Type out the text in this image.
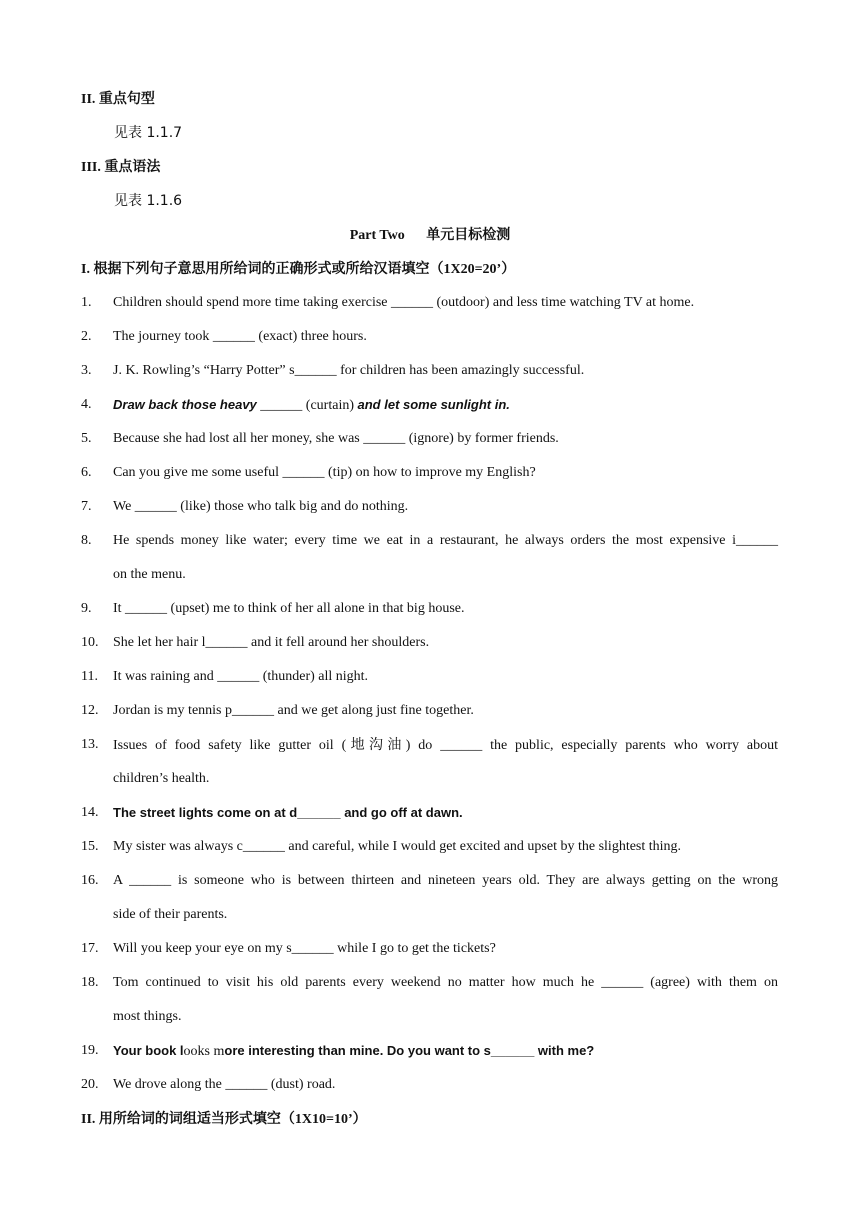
II. 重点句型
见表 1.1.7
III. 重点语法
见表 1.1.6
Part Two 单元目标检测
I. 根据下列句子意思用所给词的正确形式或所给汉语填空（1X20=20’）
1. Children should spend more time taking exercise ______ (outdoor) and less time watching TV at home.
2. The journey took ______ (exact) three hours.
3. J. K. Rowling’s “Harry Potter” s______ for children has been amazingly successful.
4. Draw back those heavy ______ (curtain) and let some sunlight in.
5. Because she had lost all her money, she was ______ (ignore) by former friends.
6. Can you give me some useful ______ (tip) on how to improve my English?
7. We ______ (like) those who talk big and do nothing.
8. He spends money like water; every time we eat in a restaurant, he always orders the most expensive i______
on the menu.
9. It ______ (upset) me to think of her all alone in that big house.
10. She let her hair l______ and it fell around her shoulders.
11. It was raining and ______ (thunder) all night.
12. Jordan is my tennis p______ and we get along just fine together.
13. Issues of food safety like gutter oil (地沟油) do ______ the public, especially parents who worry about
children’s health.
14. The street lights come on at d______ and go off at dawn.
15. My sister was always c______ and careful, while I would get excited and upset by the slightest thing.
16. A ______ is someone who is between thirteen and nineteen years old. They are always getting on the wrong
side of their parents.
17. Will you keep your eye on my s______ while I go to get the tickets?
18. Tom continued to visit his old parents every weekend no matter how much he ______ (agree) with them on
most things.
19. Your book looks more interesting than mine. Do you want to s______ with me?
20. We drove along the ______ (dust) road.
II. 用所给词的词组适当形式填空（1X10=10’）
